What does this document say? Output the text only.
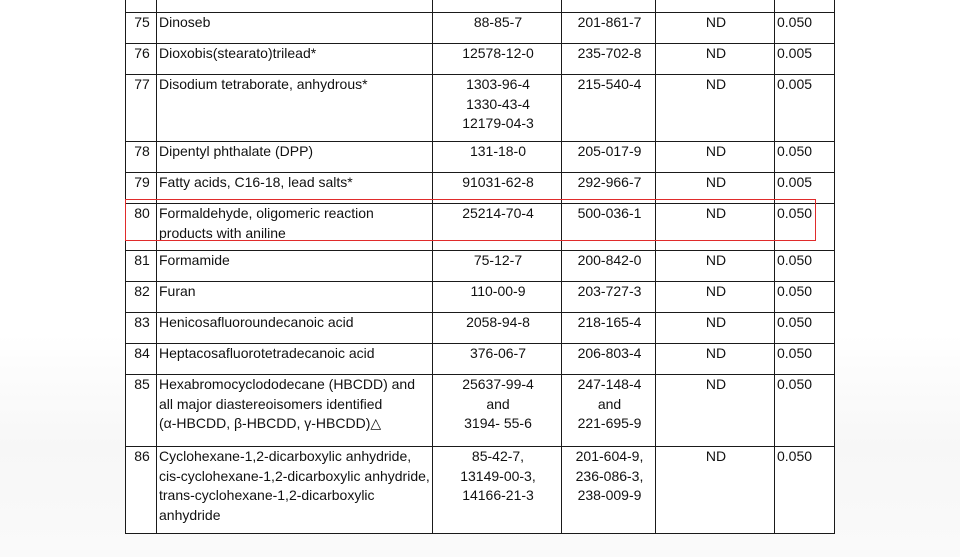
75	Dinoseb	88-85-7	201-861-7	ND	0.050
76	Dioxobis(stearato)trilead*	12578-12-0	235-702-8	ND	0.005
77	Disodium tetraborate, anhydrous*	1303-96-4
1330-43-4
12179-04-3	215-540-4	ND	0.005
78	Dipentyl phthalate (DPP)	131-18-0	205-017-9	ND	0.050
79	Fatty acids, C16-18, lead salts*	91031-62-8	292-966-7	ND	0.005
80	Formaldehyde, oligomeric reaction
products with aniline	25214-70-4	500-036-1	ND	0.050
81	Formamide	75-12-7	200-842-0	ND	0.050
82	Furan	110-00-9	203-727-3	ND	0.050
83	Henicosafluoroundecanoic acid	2058-94-8	218-165-4	ND	0.050
84	Heptacosafluorotetradecanoic acid	376-06-7	206-803-4	ND	0.050
85	Hexabromocyclododecane (HBCDD) and
all major diastereoisomers identified
(α-HBCDD, β-HBCDD, γ-HBCDD)△	25637-99-4
and
3194- 55-6	247-148-4
and
221-695-9	ND	0.050
86	Cyclohexane-1,2-dicarboxylic anhydride,
cis-cyclohexane-1,2-dicarboxylic anhydride,
trans-cyclohexane-1,2-dicarboxylic
anhydride	85-42-7,
13149-00-3,
14166-21-3	201-604-9,
236-086-3,
238-009-9	ND	0.050
